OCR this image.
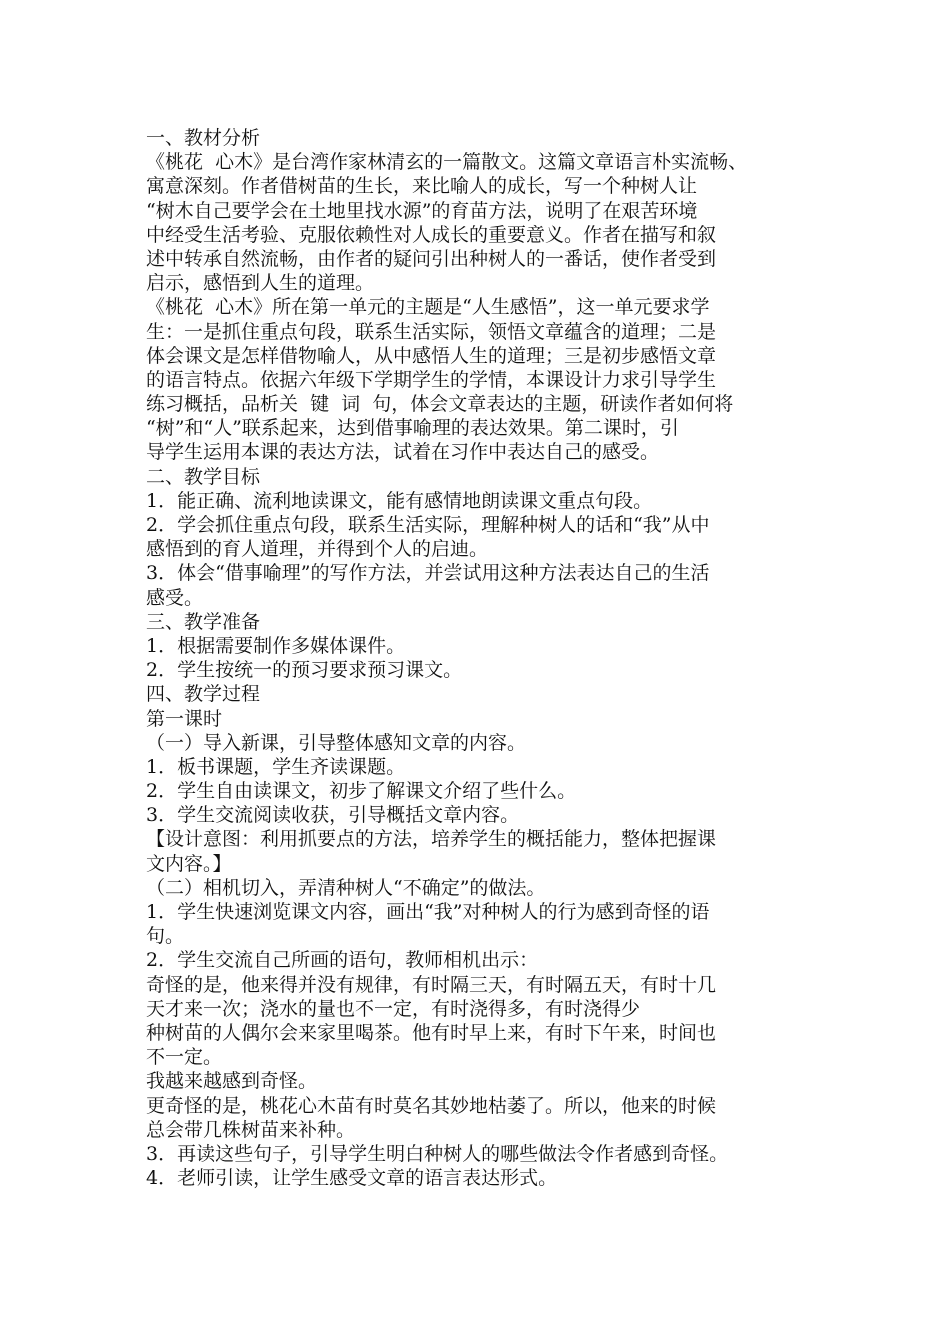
一、教材分析

《桃花  心木》是台湾作家林清玄的一篇散文。这篇文章语言朴实流畅、

寓意深刻。作者借树苗的生长，来比喻人的成长，写一个种树人让

“树木自己要学会在土地里找水源”的育苗方法，说明了在艰苦环境

中经受生活考验、克服依赖性对人成长的重要意义。作者在描写和叙

述中转承自然流畅，由作者的疑问引出种树人的一番话，使作者受到

启示，感悟到人生的道理。

《桃花  心木》所在第一单元的主题是“人生感悟”，这一单元要求学

生：一是抓住重点句段，联系生活实际，领悟文章蕴含的道理；二是

体会课文是怎样借物喻人，从中感悟人生的道理；三是初步感悟文章

的语言特点。依据六年级下学期学生的学情，本课设计力求引导学生

练习概括，品析关  键  词  句，体会文章表达的主题，研读作者如何将

“树”和“人”联系起来，达到借事喻理的表达效果。第二课时，引

导学生运用本课的表达方法，试着在习作中表达自己的感受。

二、教学目标

1．能正确、流利地读课文，能有感情地朗读课文重点句段。

2．学会抓住重点句段，联系生活实际，理解种树人的话和“我”从中

感悟到的育人道理，并得到个人的启迪。

3．体会“借事喻理”的写作方法，并尝试用这种方法表达自己的生活

感受。

三、教学准备

1．根据需要制作多媒体课件。

2．学生按统一的预习要求预习课文。

四、教学过程

第一课时

（一）导入新课，引导整体感知文章的内容。

1．板书课题，学生齐读课题。

2．学生自由读课文，初步了解课文介绍了些什么。

3．学生交流阅读收获，引导概括文章内容。

【设计意图：利用抓要点的方法，培养学生的概括能力，整体把握课

文内容。】

（二）相机切入，弄清种树人“不确定”的做法。

1．学生快速浏览课文内容，画出“我”对种树人的行为感到奇怪的语

句。

2．学生交流自己所画的语句，教师相机出示：

奇怪的是，他来得并没有规律，有时隔三天，有时隔五天，有时十几

天才来一次；浇水的量也不一定，有时浇得多，有时浇得少

种树苗的人偶尔会来家里喝茶。他有时早上来，有时下午来，时间也

不一定。

我越来越感到奇怪。

更奇怪的是，桃花心木苗有时莫名其妙地枯萎了。所以，他来的时候

总会带几株树苗来补种。

3．再读这些句子，引导学生明白种树人的哪些做法令作者感到奇怪。

4．老师引读，让学生感受文章的语言表达形式。
